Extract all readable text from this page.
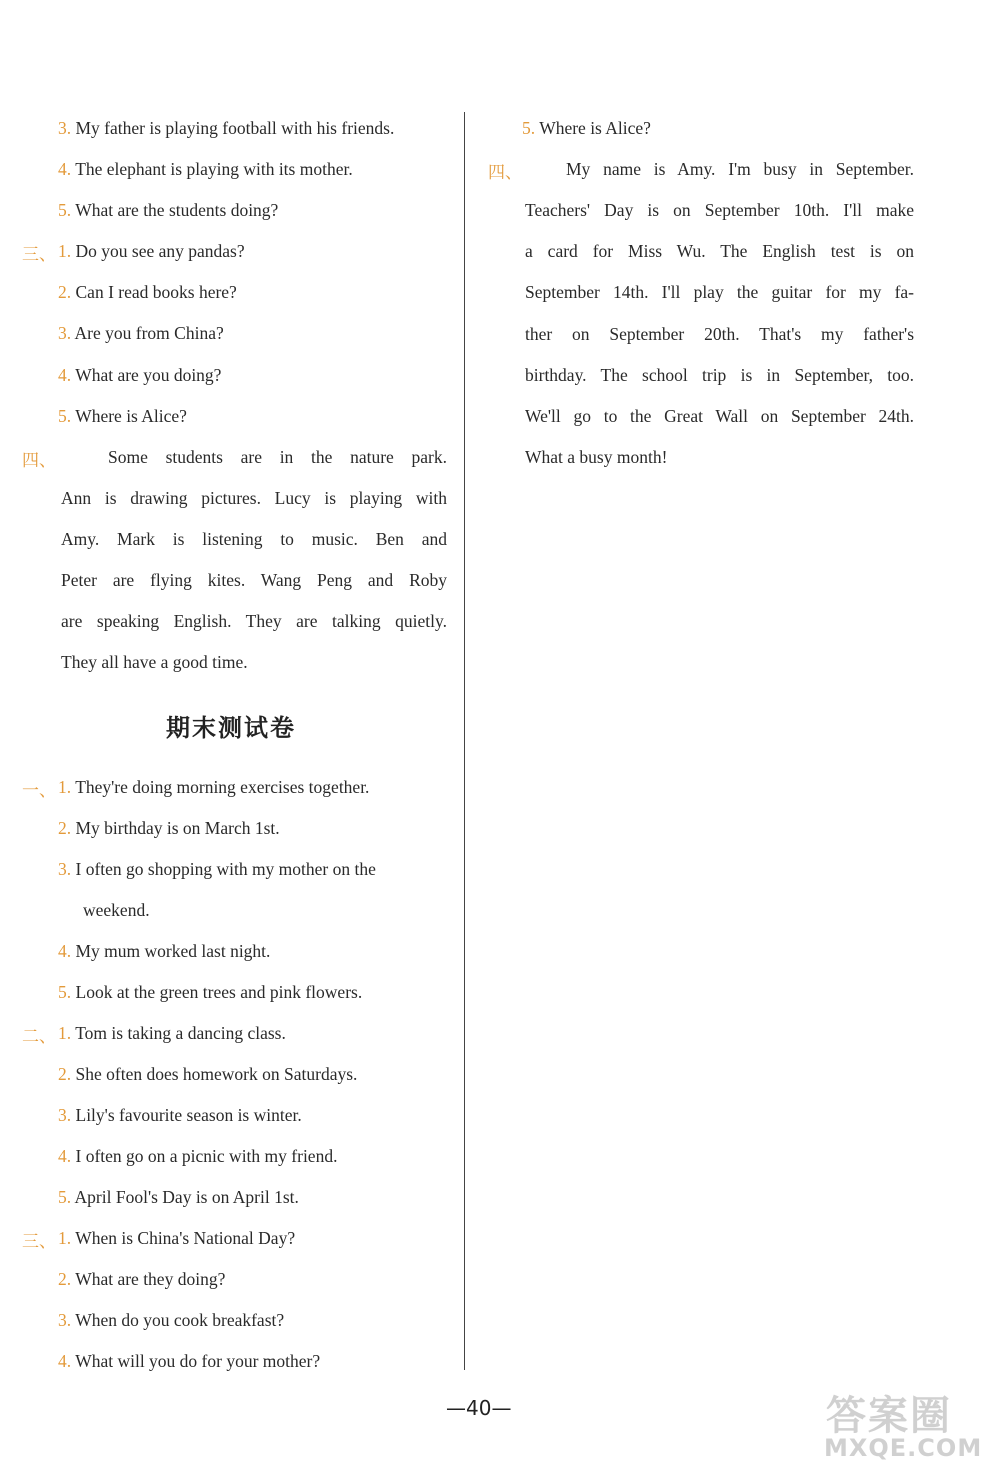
3. My father is playing football with his friends.
4. The elephant is playing with its mother.
5. What are the students doing?
三、 1. Do you see any pandas?
2. Can I read books here?
3. Are you from China?
4. What are you doing?
5. Where is Alice?
四、	Some students are in the nature park.
Ann is drawing pictures. Lucy is playing with
Amy. Mark is listening to music. Ben and
Peter are flying kites. Wang Peng and Roby
are speaking English. They are talking quietly.
They all have a good time.
期末测试卷
一、 1. They're doing morning exercises together.
2. My birthday is on March 1st.
3. I often go shopping with my mother on the
weekend.
4. My mum worked last night.
5. Look at the green trees and pink flowers.
二、 1. Tom is taking a dancing class.
2. She often does homework on Saturdays.
3. Lily's favourite season is winter.
4. I often go on a picnic with my friend.
5. April Fool's Day is on April 1st.
三、 1. When is China's National Day?
2. What are they doing?
3. When do you cook breakfast?
4. What will you do for your mother?
5. Where is Alice?
四、	My name is Amy. I'm busy in September.
Teachers' Day is on September 10th. I'll make
a card for Miss Wu. The English test is on
September 14th. I'll play the guitar for my fa-
ther on September 20th. That's my father's
birthday. The school trip is in September, too.
We'll go to the Great Wall on September 24th.
What a busy month!
—40—	答案圈
MXQE.COM
